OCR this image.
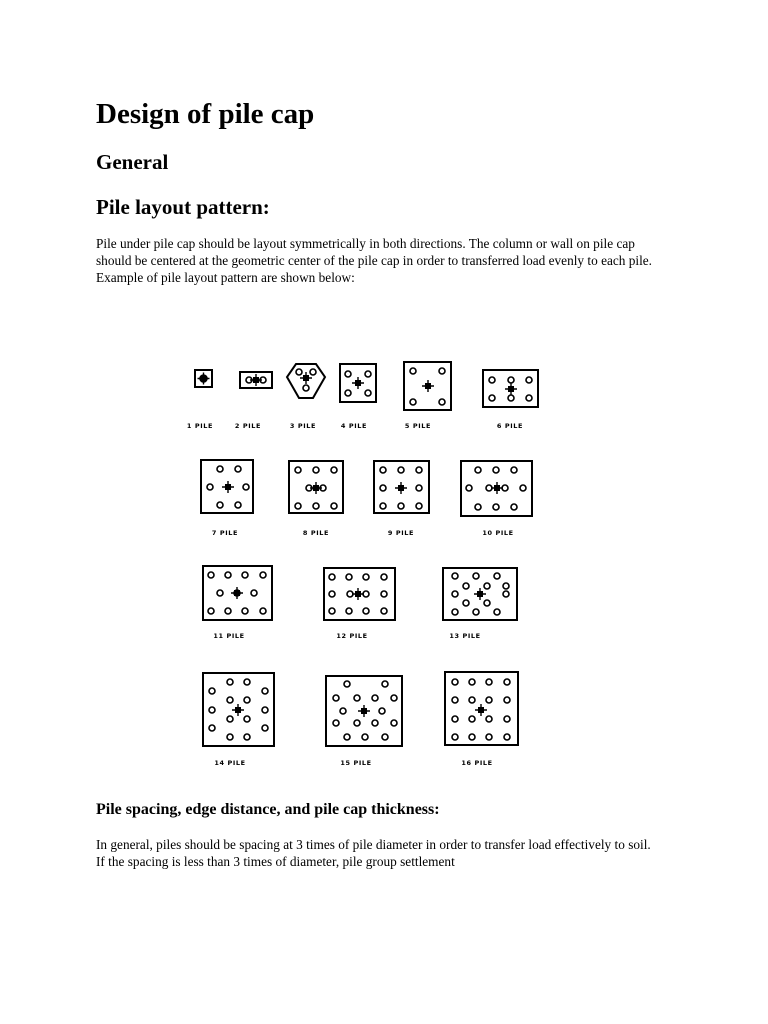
Design of pile cap
General
Pile layout pattern:

Pile under pile cap should be layout symmetrically in both directions. The column or wall on pile cap should be centered at the geometric center of the pile cap in order to transferred load evenly to each pile. Example of pile layout pattern are shown below:

1 PILE	2 PILE	3 PILE	4 PILE	5 PILE	6 PILE
7 PILE	8 PILE	9 PILE	10 PILE
11 PILE	12 PILE	13 PILE
14 PILE	15 PILE	16 PILE
Pile spacing, edge distance, and pile cap thickness:

In general, piles should be spacing at 3 times of pile diameter in order to transfer load effectively to soil. If the spacing is less than 3 times of diameter, pile group settlement
